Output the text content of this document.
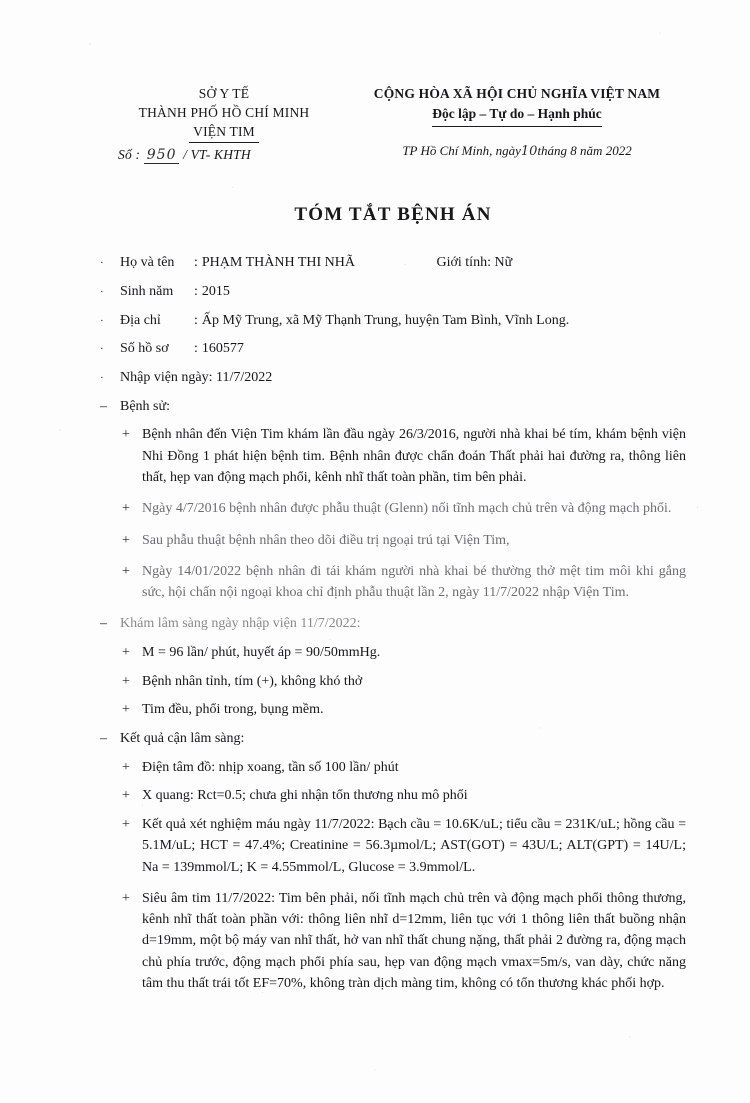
SỞ Y TẾ
THÀNH PHỐ HỒ CHÍ MINH
VIỆN TIM
Số : 950 / VT- KHTH
CỘNG HÒA XÃ HỘI CHỦ NGHĨA VIỆT NAM
Độc lập – Tự do – Hạnh phúc
TP Hồ Chí Minh, ngày10tháng 8 năm 2022
TÓM TẮT BỆNH ÁN
·	Họ và tên : PHẠM THÀNH THI NHÃ	Giới tính: Nữ
·	Sinh năm : 2015
·	Địa chỉ : Ấp Mỹ Trung, xã Mỹ Thạnh Trung, huyện Tam Bình, Vĩnh Long.
·	Số hồ sơ : 160577
·	Nhập viện ngày: 11/7/2022
– Bệnh sử:
+ Bệnh nhân đến Viện Tim khám lần đầu ngày 26/3/2016, người nhà khai bé tím, khám bệnh viện Nhi Đồng 1 phát hiện bệnh tim. Bệnh nhân được chẩn đoán Thất phải hai đường ra, thông liên thất, hẹp van động mạch phổi, kênh nhĩ thất toàn phần, tim bên phải.
+ Ngày 4/7/2016 bệnh nhân được phẫu thuật (Glenn) nối tĩnh mạch chủ trên và động mạch phổi.
+ Sau phẫu thuật bệnh nhân theo dõi điều trị ngoại trú tại Viện Tim,
+ Ngày 14/01/2022 bệnh nhân đi tái khám người nhà khai bé thường thở mệt tim môi khi gắng sức, hội chẩn nội ngoại khoa chỉ định phẫu thuật lần 2, ngày 11/7/2022 nhập Viện Tim.
– Khám lâm sàng ngày nhập viện 11/7/2022:
+ M = 96 lần/ phút, huyết áp = 90/50mmHg.
+ Bệnh nhân tỉnh, tím (+), không khó thở
+ Tim đều, phổi trong, bụng mềm.
– Kết quả cận lâm sàng:
+ Điện tâm đồ: nhịp xoang, tần số 100 lần/ phút
+ X quang: Rct=0.5; chưa ghi nhận tổn thương nhu mô phổi
+ Kết quả xét nghiệm máu ngày 11/7/2022: Bạch cầu = 10.6K/uL; tiểu cầu = 231K/uL; hồng cầu = 5.1M/uL; HCT = 47.4%; Creatinine = 56.3µmol/L; AST(GOT) = 43U/L; ALT(GPT) = 14U/L; Na = 139mmol/L; K = 4.55mmol/L, Glucose = 3.9mmol/L.
+ Siêu âm tim 11/7/2022: Tim bên phải, nối tĩnh mạch chủ trên và động mạch phổi thông thương, kênh nhĩ thất toàn phần với: thông liên nhĩ d=12mm, liên tục với 1 thông liên thất buồng nhận d=19mm, một bộ máy van nhĩ thất, hở van nhĩ thất chung nặng, thất phải 2 đường ra, động mạch chủ phía trước, động mạch phổi phía sau, hẹp van động mạch vmax=5m/s, van dày, chức năng tâm thu thất trái tốt EF=70%, không tràn dịch màng tim, không có tổn thương khác phối hợp.
